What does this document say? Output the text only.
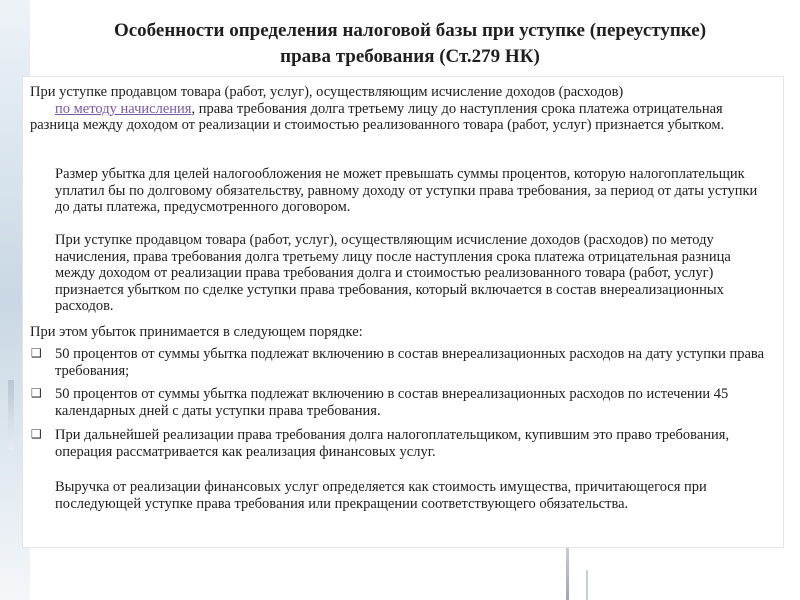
Особенности определения налоговой базы при уступке (переуступке)
права требования (Ст.279 НК)

При уступке продавцом товара (работ, услуг), осуществляющим исчисление доходов (расходов)
по методу начисления, права требования долга третьему лицу до наступления срока платежа отрицательная разница между доходом от реализации и стоимостью реализованного товара (работ, услуг) признается убытком.

Размер убытка для целей налогообложения не может превышать суммы процентов, которую налогоплательщик уплатил бы по долговому обязательству, равному доходу от уступки права требования, за период от даты уступки до даты платежа, предусмотренного договором.

При уступке продавцом товара (работ, услуг), осуществляющим исчисление доходов (расходов) по методу начисления, права требования долга третьему лицу после наступления срока платежа отрицательная разница между доходом от реализации права требования долга и стоимостью реализованного товара (работ, услуг) признается убытком по сделке уступки права требования, который включается в состав внереализационных расходов.

При этом убыток принимается в следующем порядке:

❑ 50 процентов от суммы убытка подлежат включению в состав внереализационных расходов на дату уступки права требования;

❑ 50 процентов от суммы убытка подлежат включению в состав внереализационных расходов по истечении 45 календарных дней с даты уступки права требования.

❑ При дальнейшей реализации права требования долга налогоплательщиком, купившим это право требования, операция рассматривается как реализация финансовых услуг.

Выручка от реализации финансовых услуг определяется как стоимость имущества, причитающегося при последующей уступке права требования или прекращении соответствующего обязательства.
